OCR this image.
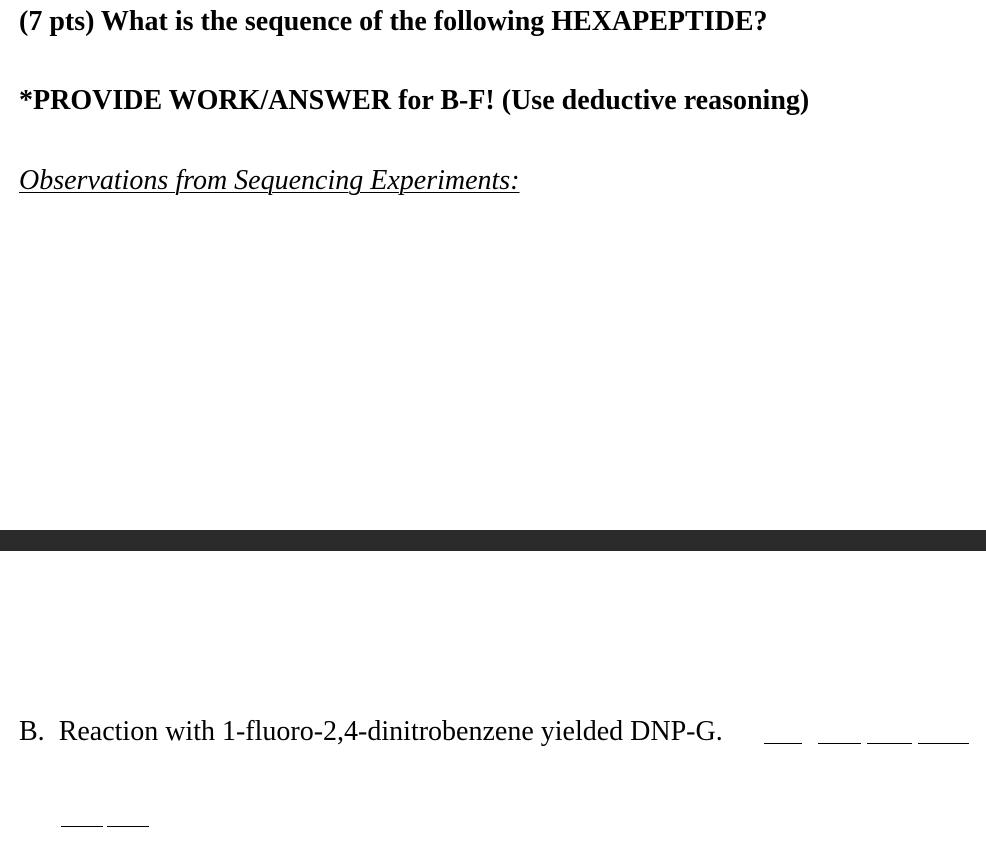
(7 pts) What is the sequence of the following HEXAPEPTIDE?
*PROVIDE WORK/ANSWER for B-F! (Use deductive reasoning)
Observations from Sequencing Experiments:
B. Reaction with 1-fluoro-2,4-dinitrobenzene yielded DNP-G.
